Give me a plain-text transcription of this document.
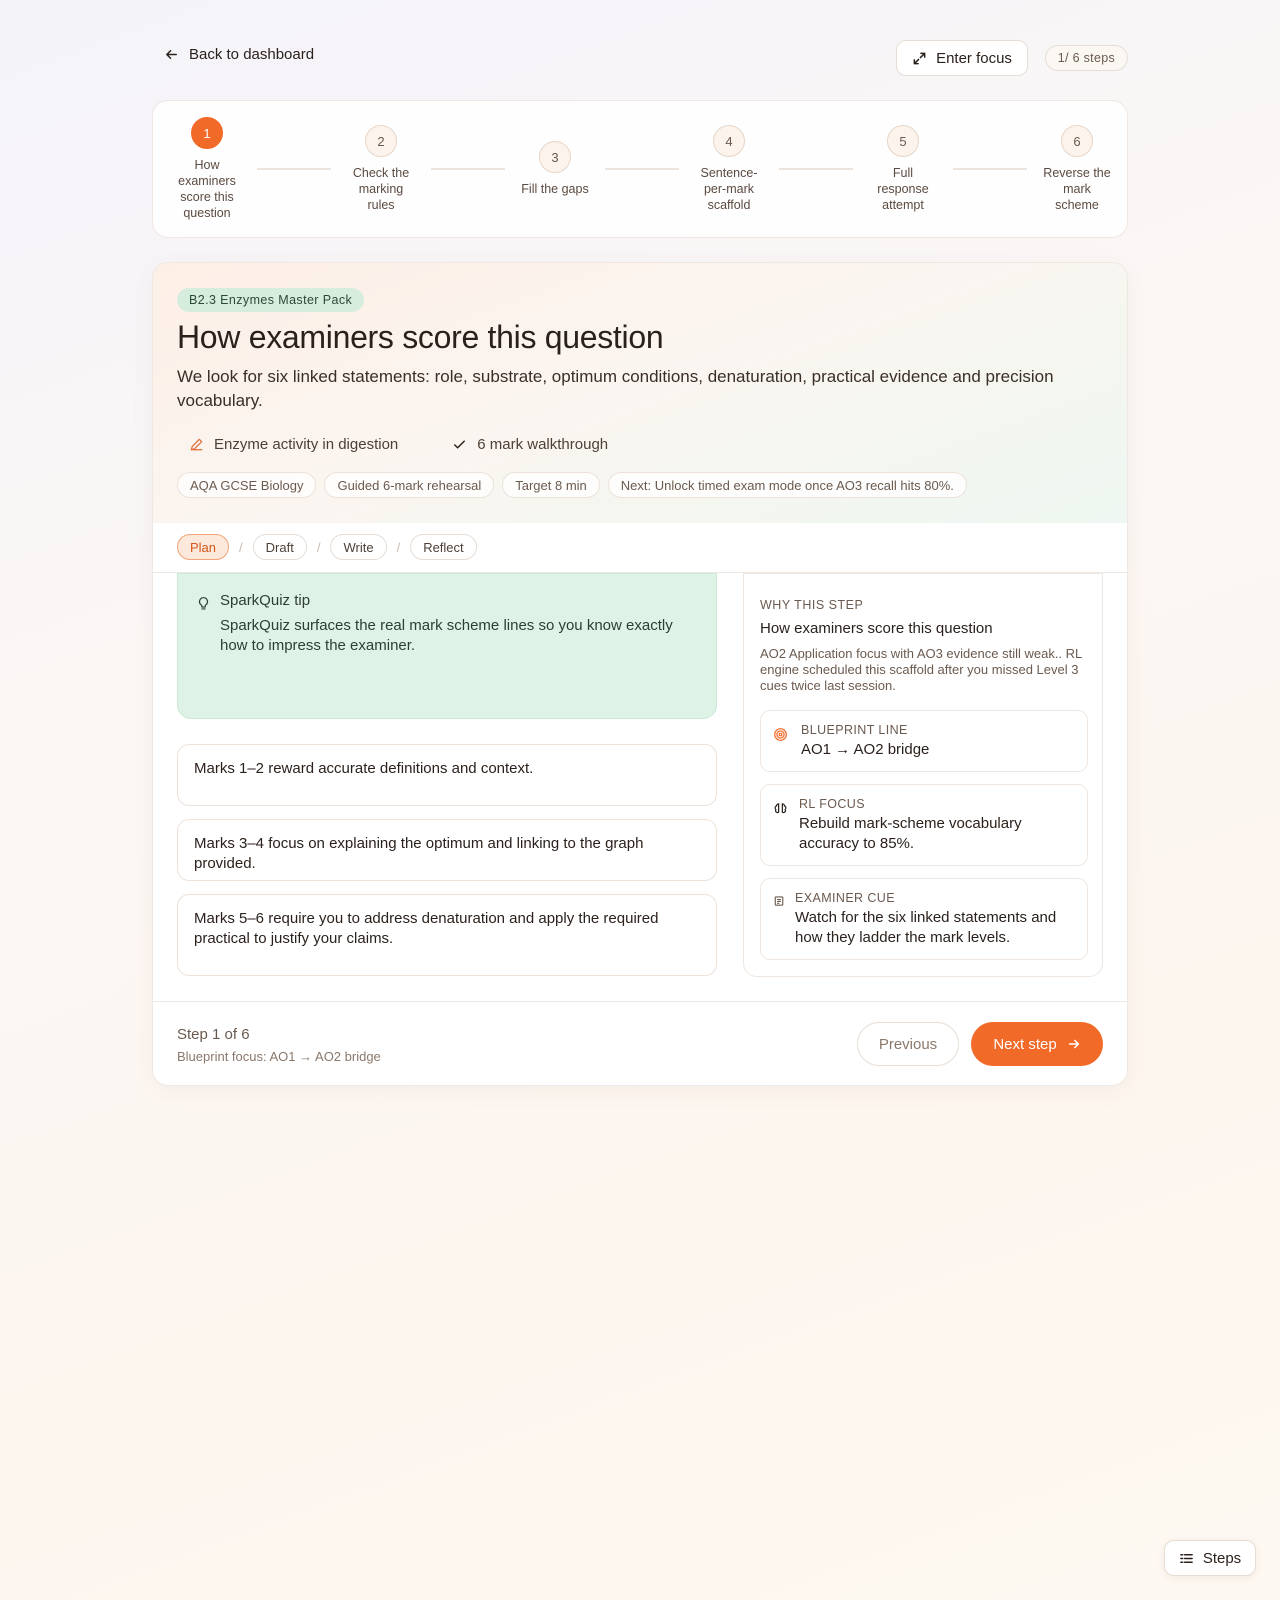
Back to dashboard	Enter focus	1/ 6 steps
1
How examiners score this question
2
Check the marking rules
3
Fill the gaps
4
Sentence-per-mark scaffold
5
Full response attempt
6
Reverse the mark scheme
B2.3 Enzymes Master Pack
How examiners score this question
We look for six linked statements: role, substrate, optimum conditions, denaturation, practical evidence and precision vocabulary.
Enzyme activity in digestion	6 mark walkthrough
AQA GCSE Biology	Guided 6-mark rehearsal	Target 8 min	Next: Unlock timed exam mode once AO3 recall hits 80%.
Plan	/	Draft	/	Write	/	Reflect
SparkQuiz tip
SparkQuiz surfaces the real mark scheme lines so you know exactly how to impress the examiner.
Marks 1–2 reward accurate definitions and context.
Marks 3–4 focus on explaining the optimum and linking to the graph provided.
Marks 5–6 require you to address denaturation and apply the required practical to justify your claims.
WHY THIS STEP
How examiners score this question
AO2 Application focus with AO3 evidence still weak.. RL engine scheduled this scaffold after you missed Level 3 cues twice last session.
BLUEPRINT LINE
AO1 → AO2 bridge
RL FOCUS
Rebuild mark-scheme vocabulary accuracy to 85%.
EXAMINER CUE
Watch for the six linked statements and how they ladder the mark levels.
Step 1 of 6
Blueprint focus: AO1 → AO2 bridge
Previous	Next step
Steps
